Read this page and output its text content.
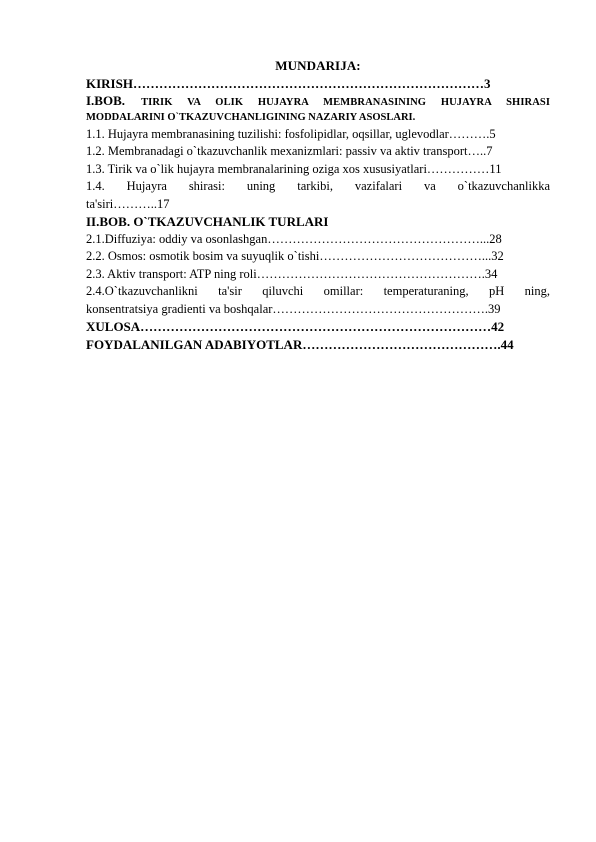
MUNDARIJA:
KIRISH………………………………………………………………………3
I.BOB. TIRIK VA OLIK HUJAYRA MEMBRANASINING HUJAYRA SHIRASI
MODDALARINI O`TKAZUVCHANLIGINING NAZARIY ASOSLARI.
1.1. Hujayra membranasining tuzilishi: fosfolipidlar, oqsillar, uglevodlar……….5
1.2. Membranadagi o`tkazuvchanlik mexanizmlari: passiv va aktiv transport…..7
1.3. Tirik va o`lik hujayra membranalarining oziga xos xususiyatlari……………11
1.4. Hujayra shirasi: uning tarkibi, vazifalari va o`tkazuvchanlikka
ta'siri………..17
II.BOB. O`TKAZUVCHANLIK TURLARI
2.1.Diffuziya: oddiy va osonlashgan……………………………………………...28
2.2. Osmos: osmotik bosim va suyuqlik o`tishi…………………………………...32
2.3. Aktiv transport: ATP ning roli……………………………………………….34
2.4.O`tkazuvchanlikni ta'sir qiluvchi omillar: temperaturaning, pH ning,
konsentratsiya gradienti va boshqalar…………………………………………….39
XULOSA………………………………………………………………………42
FOYDALANILGAN ADABIYOTLAR……………………………………….44
